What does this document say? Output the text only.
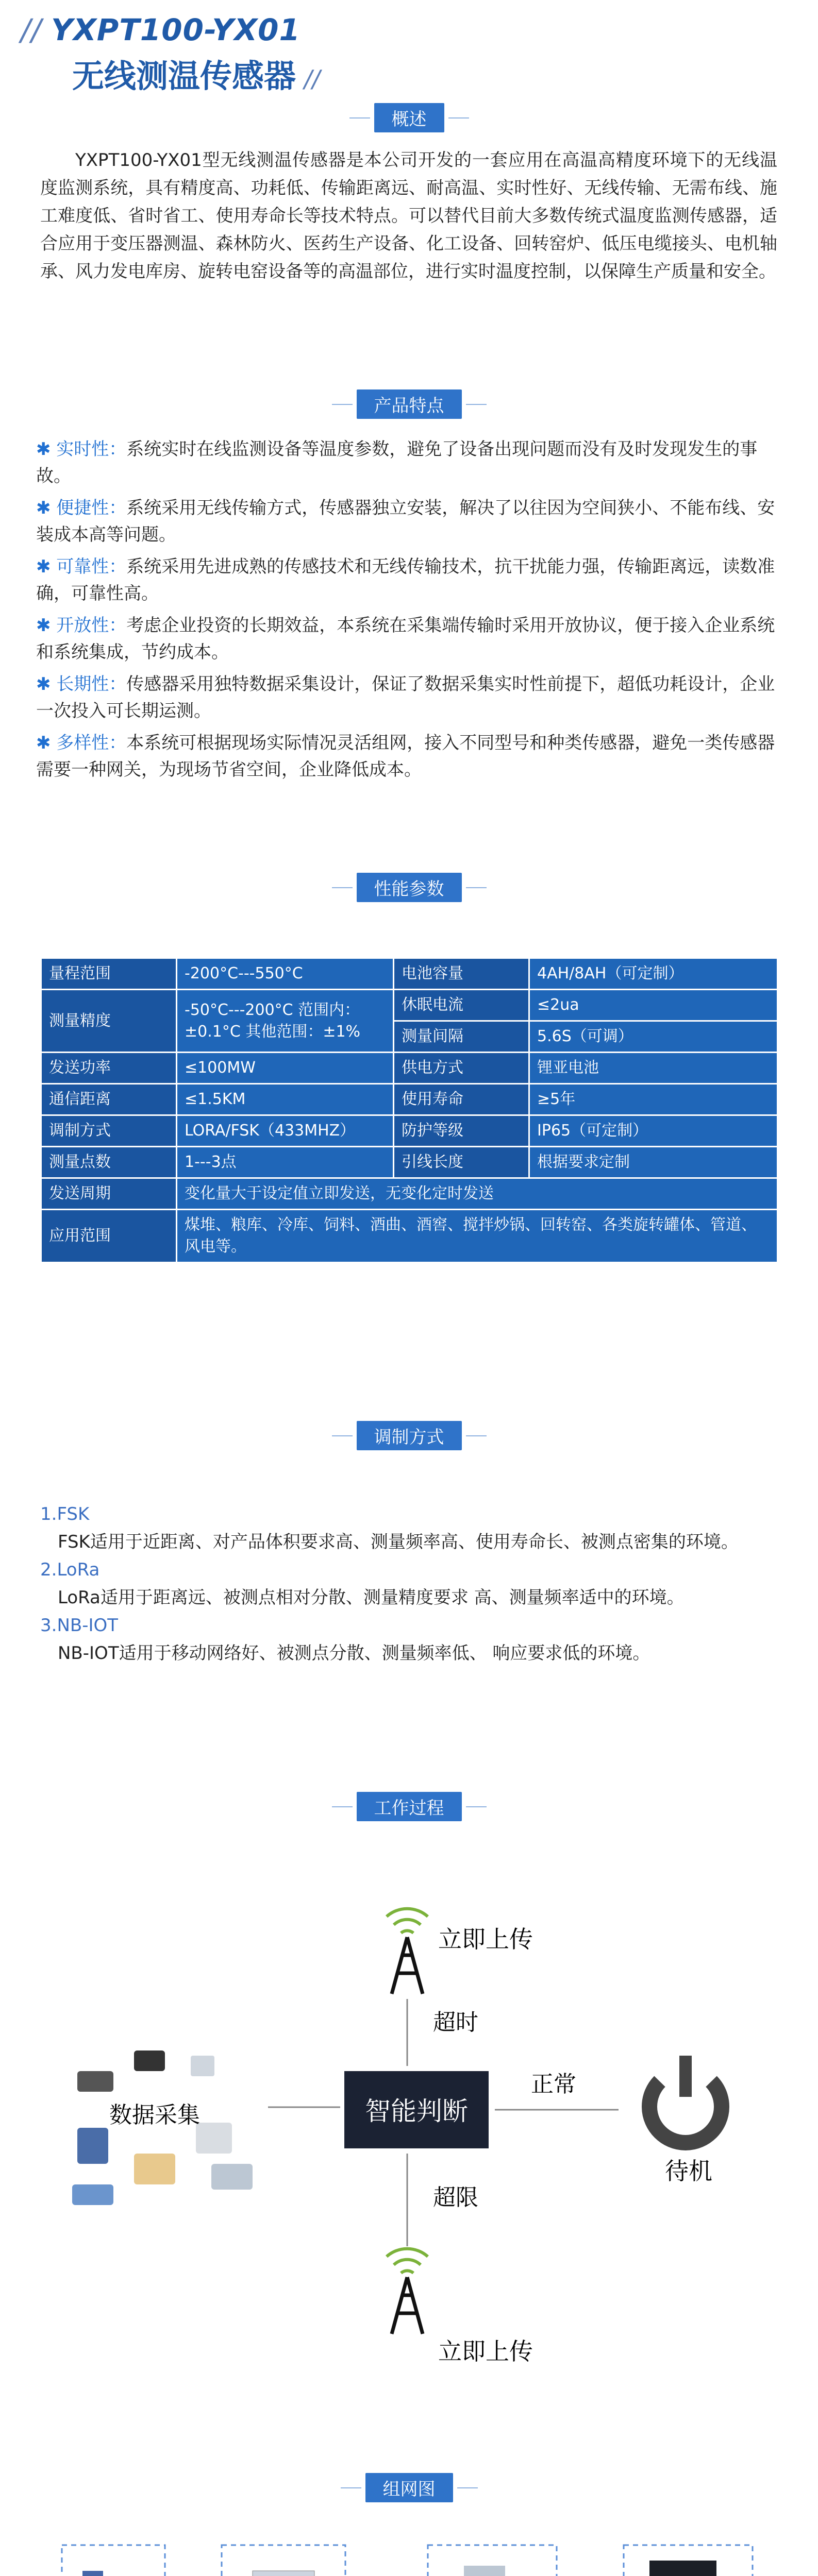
// YXPT100-YX01
无线测温传感器 //
概述
YXPT100-YX01型无线测温传感器是本公司开发的一套应用在高温高精度环境下的无线温度监测系统，具有精度高、功耗低、传输距离远、耐高温、实时性好、无线传输、无需布线、施工难度低、省时省工、使用寿命长等技术特点。可以替代目前大多数传统式温度监测传感器，适合应用于变压器测温、森林防火、医药生产设备、化工设备、回转窑炉、低压电缆接头、电机轴承、风力发电库房、旋转电窑设备等的高温部位，进行实时温度控制，以保障生产质量和安全。
产品特点
✱ 实时性：系统实时在线监测设备等温度参数，避免了设备出现问题而没有及时发现发生的事故。
✱ 便捷性：系统采用无线传输方式，传感器独立安装，解决了以往因为空间狭小、不能布线、安装成本高等问题。
✱ 可靠性：系统采用先进成熟的传感技术和无线传输技术，抗干扰能力强，传输距离远，读数准确，可靠性高。
✱ 开放性：考虑企业投资的长期效益，本系统在采集端传输时采用开放协议，便于接入企业系统和系统集成，节约成本。
✱ 长期性：传感器采用独特数据采集设计，保证了数据采集实时性前提下，超低功耗设计，企业一次投入可长期运测。
✱ 多样性：本系统可根据现场实际情况灵活组网，接入不同型号和种类传感器，避免一类传感器需要一种网关，为现场节省空间，企业降低成本。
性能参数
量程范围	-200°C---550°C	电池容量	4AH/8AH（可定制）
测量精度	-50°C---200°C 范围内：±0.1°C 其他范围：±1%	休眠电流	≤2ua
		测量间隔	5.6S（可调）
发送功率	≤100MW	供电方式	锂亚电池
通信距离	≤1.5KM	使用寿命	≥5年
调制方式	LORA/FSK（433MHZ）	防护等级	IP65（可定制）
测量点数	1---3点	引线长度	根据要求定制
发送周期	变化量大于设定值立即发送，无变化定时发送		
应用范围	煤堆、粮库、冷库、饲料、酒曲、酒窖、搅拌炒锅、回转窑、各类旋转罐体、管道、风电等。		
调制方式
1.FSK
FSK适用于近距离、对产品体积要求高、测量频率高、使用寿命长、被测点密集的环境。
2.LoRa
LoRa适用于距离远、被测点相对分散、测量精度要求 高、测量频率适中的环境。
3.NB-IOT
NB-IOT适用于移动网络好、被测点分散、测量频率低、 响应要求低的环境。
工作过程
立即上传
超时
数据采集	智能判断
正常
待机
超限
立即上传
组网图
